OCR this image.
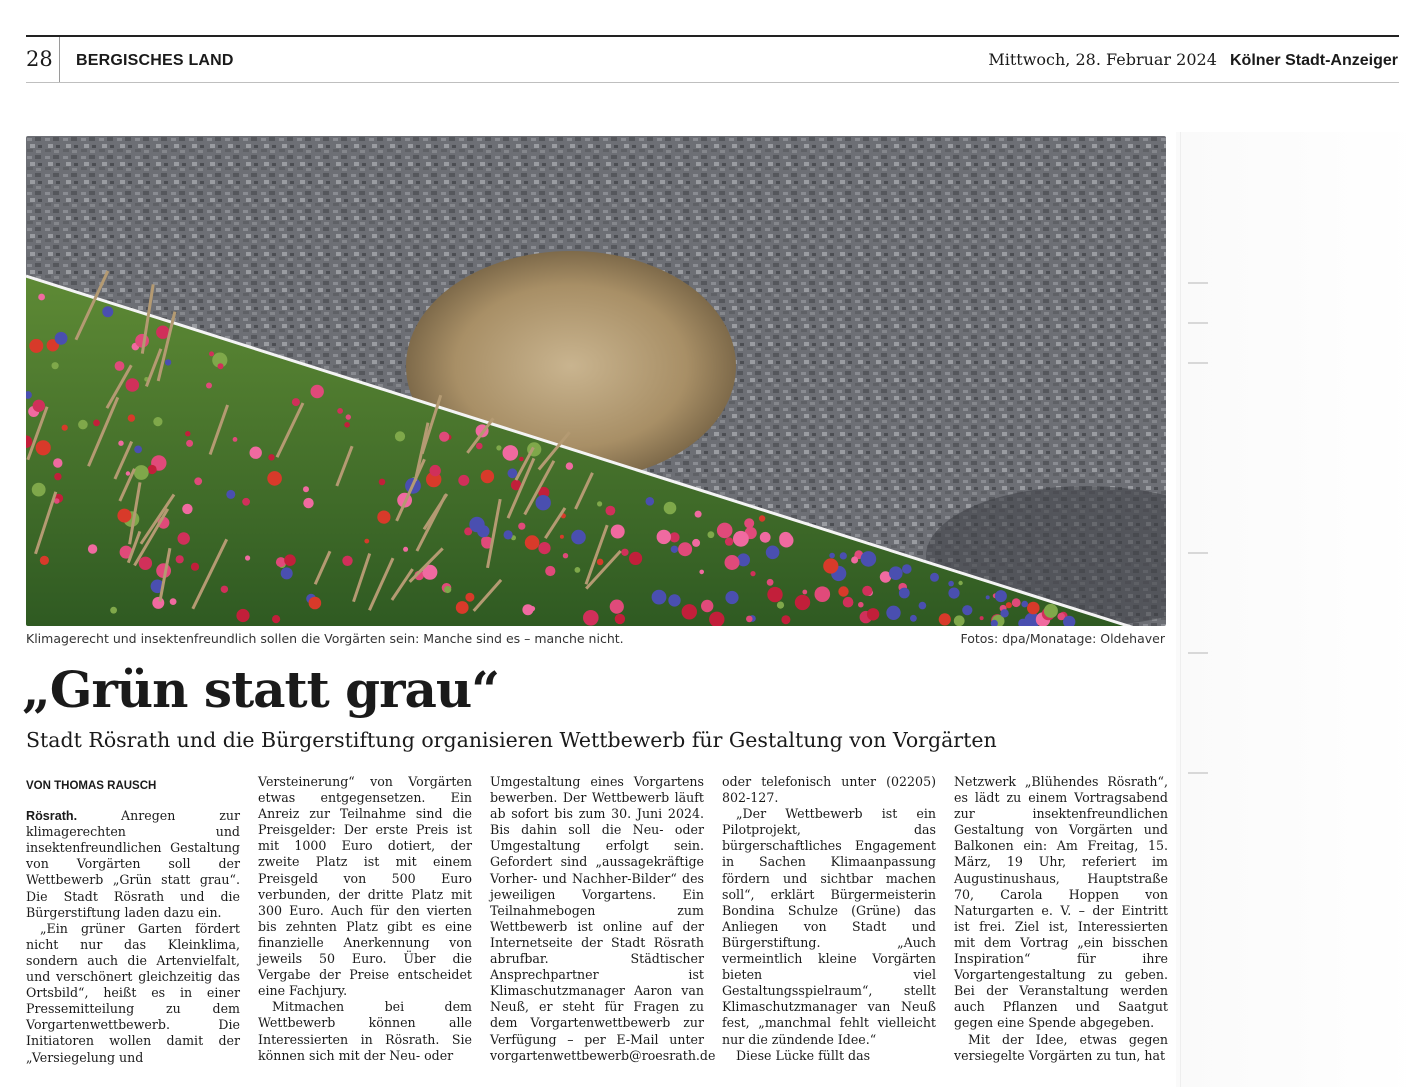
28 BERGISCHES LAND	Mittwoch, 28. Februar 2024 Kölner Stadt-Anzeiger
Klimagerecht und insektenfreundlich sollen die Vorgärten sein: Manche sind es – manche nicht.	Fotos: dpa/Monatage: Oldehaver
„Grün statt grau“
Stadt Rösrath und die Bürgerstiftung organisieren Wettbewerb für Gestaltung von Vorgärten

VON THOMAS RAUSCH

Rösrath.	Anregen zur klimagerechten und insektenfreundlichen Gestaltung von Vorgärten soll der Wettbewerb „Grün statt grau“. Die Stadt Rösrath und die Bürgerstiftung laden dazu ein.

„Ein grüner Garten fördert nicht nur das Kleinklima, sondern auch die Artenvielfalt, und verschönert gleichzeitig das Ortsbild“, heißt es in einer Pressemitteilung zu dem Vorgartenwettbewerb. Die Initiatoren wollen damit der „Versiegelung und

Versteinerung“ von Vorgärten etwas entgegensetzen. Ein Anreiz zur Teilnahme sind die Preisgelder: Der erste Preis ist mit 1000 Euro dotiert, der zweite Platz ist mit einem Preisgeld von 500 Euro verbunden, der dritte Platz mit 300 Euro. Auch für den vierten bis zehnten Platz gibt es eine finanzielle Anerkennung von jeweils 50 Euro. Über die Vergabe der Preise entscheidet eine Fachjury.

Mitmachen bei dem Wettbewerb können alle Interessierten in Rösrath. Sie können sich mit der Neu- oder

Umgestaltung eines Vorgartens bewerben. Der Wettbewerb läuft ab sofort bis zum 30. Juni 2024. Bis dahin soll die Neu- oder Umgestaltung erfolgt sein. Gefordert sind „aussagekräftige Vorher- und Nachher-Bilder“ des jeweiligen Vorgartens. Ein Teilnahmebogen zum Wettbewerb ist online auf der Internetseite der Stadt Rösrath abrufbar. Städtischer Ansprechpartner ist Klimaschutzmanager Aaron van Neuß, er steht für Fragen zu dem Vorgartenwettbewerb zur Verfügung – per E-Mail unter vorgartenwettbewerb@roesrath.de

oder telefonisch unter (02205) 802-127.

„Der Wettbewerb ist ein Pilotprojekt, das bürgerschaftliches Engagement in Sachen Klimaanpassung fördern und sichtbar machen soll“, erklärt Bürgermeisterin Bondina Schulze (Grüne) das Anliegen von Stadt und Bürgerstiftung. „Auch vermeintlich kleine Vorgärten bieten viel Gestaltungsspielraum“, stellt Klimaschutzmanager van Neuß fest, „manchmal fehlt vielleicht nur die zündende Idee.“

Diese Lücke füllt das

Netzwerk „Blühendes Rösrath“, es lädt zu einem Vortragsabend zur insektenfreundlichen Gestaltung von Vorgärten und Balkonen ein: Am Freitag, 15. März, 19 Uhr, referiert im Augustinushaus, Hauptstraße 70, Carola Hoppen von Naturgarten e. V. – der Eintritt ist frei. Ziel ist, Interessierten mit dem Vortrag „ein bisschen Inspiration“ für ihre Vorgartengestaltung zu geben. Bei der Veranstaltung werden auch Pflanzen und Saatgut gegen eine Spende abgegeben.

Mit der Idee, etwas gegen versiegelte Vorgärten zu tun, hat
